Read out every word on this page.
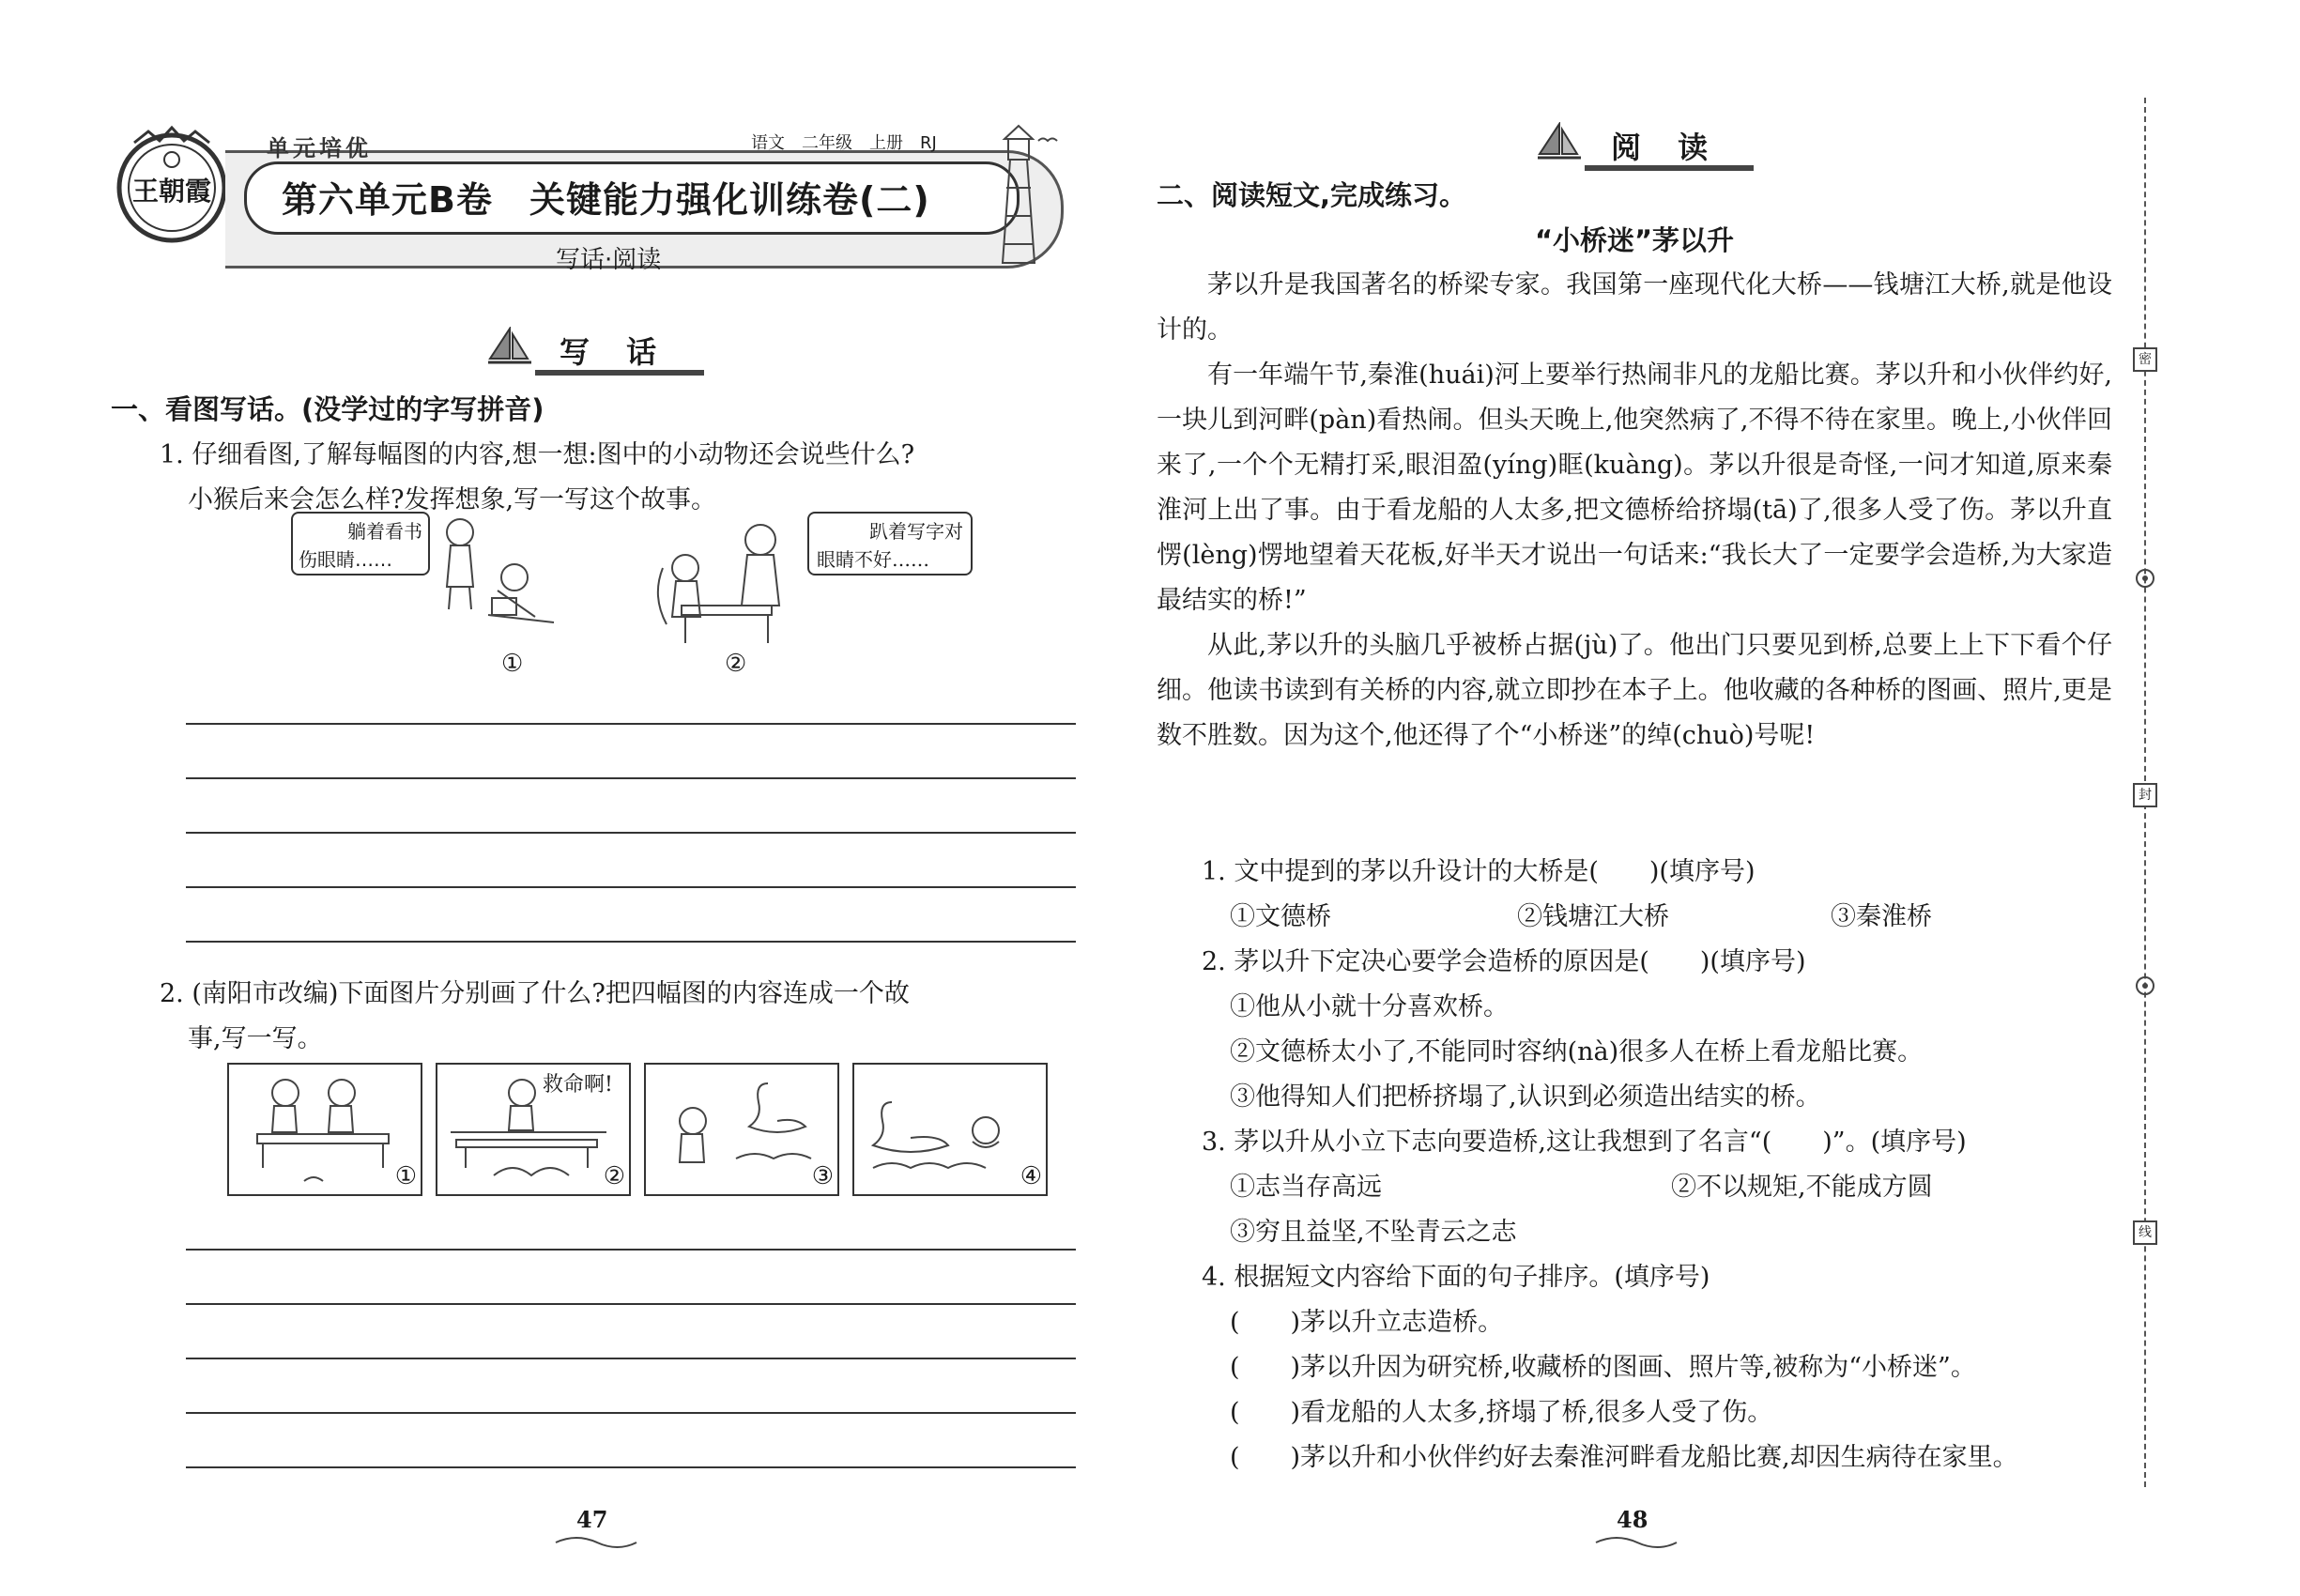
王朝霞
单元培优	语文　二年级　上册　RJ
第六单元B卷　关键能力强化训练卷(二)
写话·阅读
写 话
一、看图写话。(没学过的字写拼音)
1. 仔细看图,了解每幅图的内容,想一想:图中的小动物还会说些什么?
小猴后来会怎么样?发挥想象,写一写这个故事。
躺着看书
伤眼睛……
①
趴着写字对
眼睛不好……
②
2. (南阳市改编)下面图片分别画了什么?把四幅图的内容连成一个故
事,写一写。
①
救命啊!
②	③	④
47
阅 读
二、阅读短文,完成练习。
“小桥迷”茅以升

茅以升是我国著名的桥梁专家。我国第一座现代化大桥——钱塘江大桥,就是他设计的。

有一年端午节,秦淮(huái)河上要举行热闹非凡的龙船比赛。茅以升和小伙伴约好,一块儿到河畔(pàn)看热闹。但头天晚上,他突然病了,不得不待在家里。晚上,小伙伴回来了,一个个无精打采,眼泪盈(yíng)眶(kuàng)。茅以升很是奇怪,一问才知道,原来秦淮河上出了事。由于看龙船的人太多,把文德桥给挤塌(tā)了,很多人受了伤。茅以升直愣(lèng)愣地望着天花板,好半天才说出一句话来:“我长大了一定要学会造桥,为大家造最结实的桥!”

从此,茅以升的头脑几乎被桥占据(jù)了。他出门只要见到桥,总要上上下下看个仔细。他读书读到有关桥的内容,就立即抄在本子上。他收藏的各种桥的图画、照片,更是数不胜数。因为这个,他还得了个“小桥迷”的绰(chuò)号呢!

1. 文中提到的茅以升设计的大桥是(　　)(填序号)
①文德桥	②钱塘江大桥	③秦淮桥
2. 茅以升下定决心要学会造桥的原因是(　　)(填序号)
①他从小就十分喜欢桥。
②文德桥太小了,不能同时容纳(nà)很多人在桥上看龙船比赛。
③他得知人们把桥挤塌了,认识到必须造出结实的桥。
3. 茅以升从小立下志向要造桥,这让我想到了名言“(　　)”。(填序号)
①志当存高远	②不以规矩,不能成方圆
③穷且益坚,不坠青云之志
4. 根据短文内容给下面的句子排序。(填序号)
(　　)茅以升立志造桥。
(　　)茅以升因为研究桥,收藏桥的图画、照片等,被称为“小桥迷”。
(　　)看龙船的人太多,挤塌了桥,很多人受了伤。
(　　)茅以升和小伙伴约好去秦淮河畔看龙船比赛,却因生病待在家里。
48
密
封
线
